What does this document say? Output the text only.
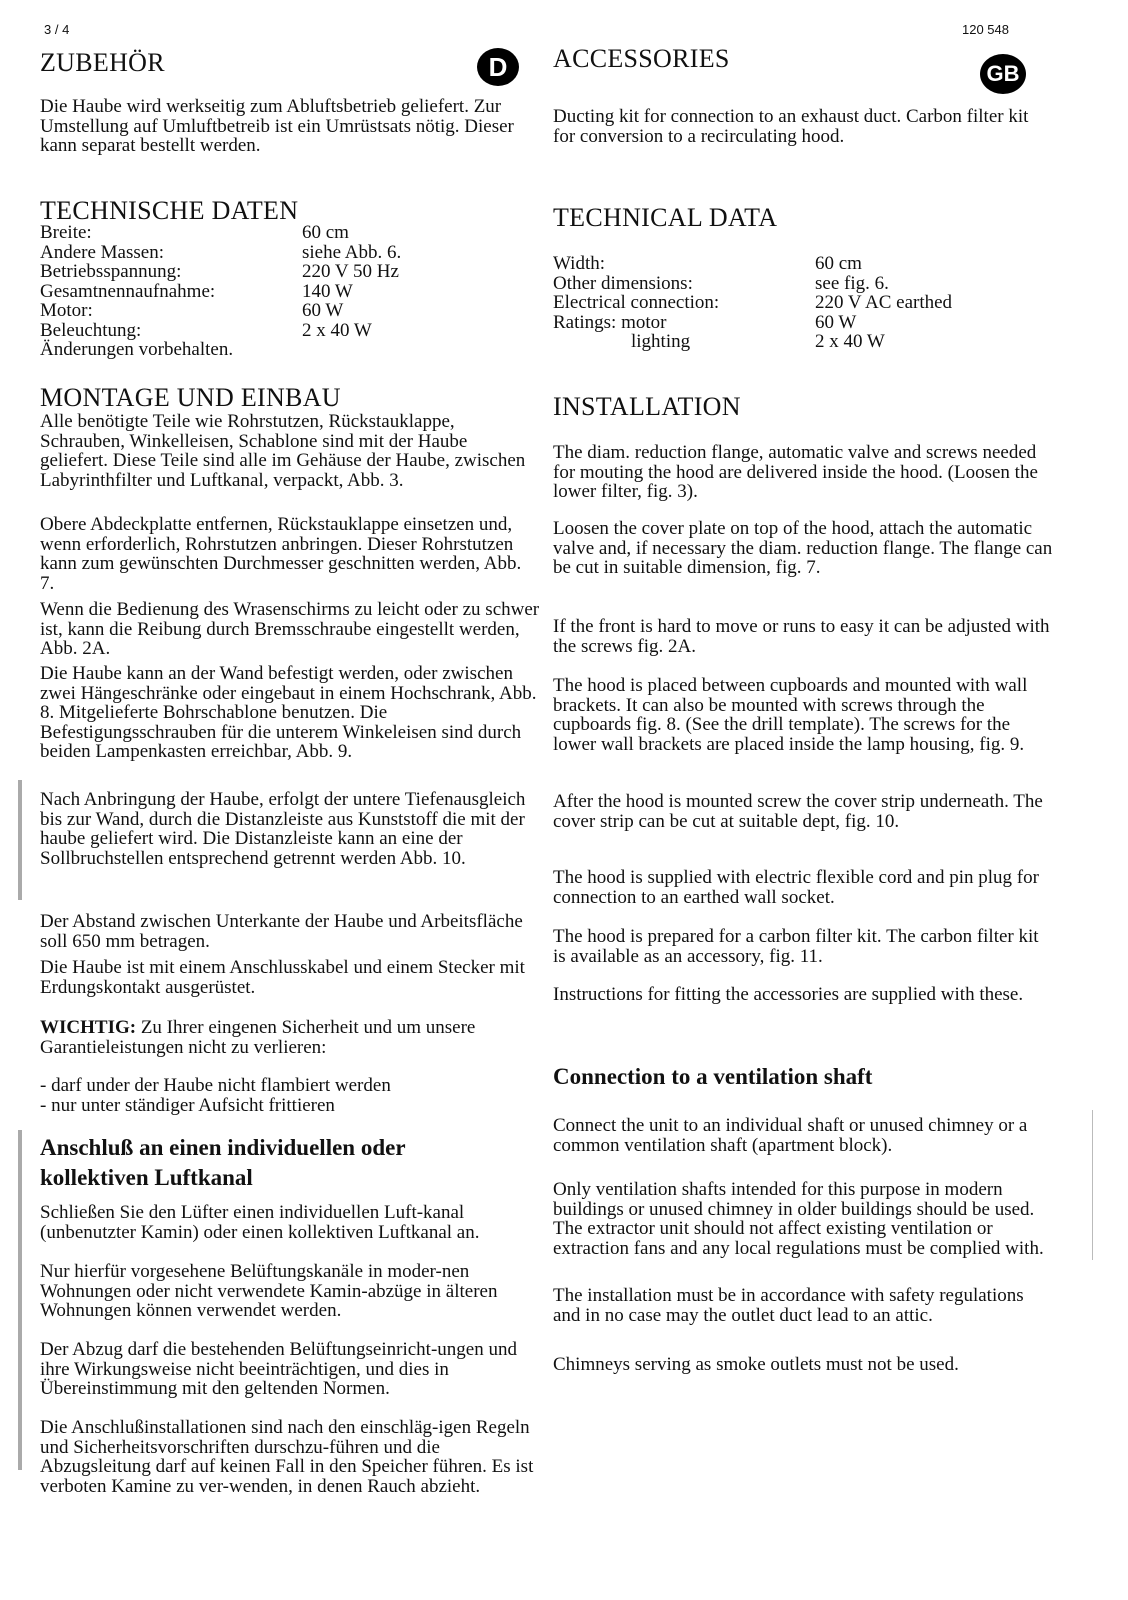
3 / 4	120 548
D	GB
ZUBEHÖR

Die Haube wird werkseitig zum Abluftsbetrieb geliefert. Zur Umstellung auf Umluftbetreib ist ein Umrüstsats nötig. Dieser kann separat bestellt werden.

TECHNISCHE DATEN
Breite:	60 cm
Andere Massen:	siehe Abb. 6.
Betriebsspannung:	220 V 50 Hz
Gesamtnennaufnahme:	140 W
Motor:	60 W
Beleuchtung:	2 x 40 W
Änderungen vorbehalten.
MONTAGE UND EINBAU

Alle benötigte Teile wie Rohrstutzen, Rückstauklappe, Schrauben, Winkelleisen, Schablone sind mit der Haube geliefert. Diese Teile sind alle im Gehäuse der Haube, zwischen Labyrinthfilter und Luftkanal, verpackt, Abb. 3.

Obere Abdeckplatte entfernen, Rückstauklappe einsetzen und, wenn erforderlich, Rohrstutzen anbringen. Dieser Rohrstutzen kann zum gewünschten Durchmesser geschnitten werden, Abb. 7.

Wenn die Bedienung des Wrasenschirms zu leicht oder zu schwer ist, kann die Reibung durch Bremsschraube eingestellt werden, Abb. 2A.

Die Haube kann an der Wand befestigt werden, oder zwischen zwei Hängeschränke oder eingebaut in einem Hochschrank, Abb. 8. Mitgelieferte Bohrschablone benutzen. Die Befestigungsschrauben für die unterem Winkeleisen sind durch beiden Lampenkasten erreichbar, Abb. 9.

Nach Anbringung der Haube, erfolgt der untere Tiefenausgleich bis zur Wand, durch die Distanzleiste aus Kunststoff die mit der haube geliefert wird. Die Distanzleiste kann an eine der Sollbruchstellen entsprechend getrennt werden Abb. 10.

Der Abstand zwischen Unterkante der Haube und Arbeitsfläche soll 650 mm betragen.

Die Haube ist mit einem Anschlusskabel und einem Stecker mit Erdungskontakt ausgerüstet.

WICHTIG: Zu Ihrer eingenen Sicherheit und um unsere Garantieleistungen nicht zu verlieren:

- darf under der Haube nicht flambiert werden
- nur unter ständiger Aufsicht frittieren
Anschluß an einen individuellen oder
kollektiven Luftkanal

Schließen Sie den Lüfter einen individuellen Luft-kanal (unbenutzter Kamin) oder einen kollektiven Luftkanal an.

Nur hierfür vorgesehene Belüftungskanäle in moder-nen Wohnungen oder nicht verwendete Kamin-abzüge in älteren Wohnungen können verwendet werden.

Der Abzug darf die bestehenden Belüftungseinricht-ungen und ihre Wirkungsweise nicht beeinträchtigen, und dies in Übereinstimmung mit den geltenden Normen.

Die Anschlußinstallationen sind nach den einschläg-igen Regeln und Sicherheitsvorschriften durschzu-führen und die Abzugsleitung darf auf keinen Fall in den Speicher führen. Es ist verboten Kamine zu ver-wenden, in denen Rauch abzieht.

ACCESSORIES

Ducting kit for connection to an exhaust duct. Carbon filter kit for conversion to a recirculating hood.

TECHNICAL DATA
Width:	60 cm
Other dimensions:	see fig. 6.
Electrical connection:	220 V AC earthed
Ratings: motor	60 W
lighting	2 x 40 W
INSTALLATION

The diam. reduction flange, automatic valve and screws needed for mouting the hood are delivered inside the hood. (Loosen the lower filter, fig. 3).

Loosen the cover plate on top of the hood, attach the automatic valve and, if necessary the diam. reduction flange. The flange can be cut in suitable dimension, fig. 7.

If the front is hard to move or runs to easy it can be adjusted with the screws fig. 2A.

The hood is placed between cupboards and mounted with wall brackets. It can also be mounted with screws through the cupboards fig. 8. (See the drill template). The screws for the lower wall brackets are placed inside the lamp housing, fig. 9.

After the hood is mounted screw the cover strip underneath. The cover strip can be cut at suitable dept, fig. 10.

The hood is supplied with electric flexible cord and pin plug for connection to an earthed wall socket.

The hood is prepared for a carbon filter kit. The carbon filter kit is available as an accessory, fig. 11.

Instructions for fitting the accessories are supplied with these.

Connection to a ventilation shaft

Connect the unit to an individual shaft or unused chimney or a common ventilation shaft (apartment block).

Only ventilation shafts intended for this purpose in modern buildings or unused chimney in older buildings should be used. The extractor unit should not affect existing ventilation or extraction fans and any local regulations must be complied with.

The installation must be in accordance with safety regulations and in no case may the outlet duct lead to an attic.

Chimneys serving as smoke outlets must not be used.
